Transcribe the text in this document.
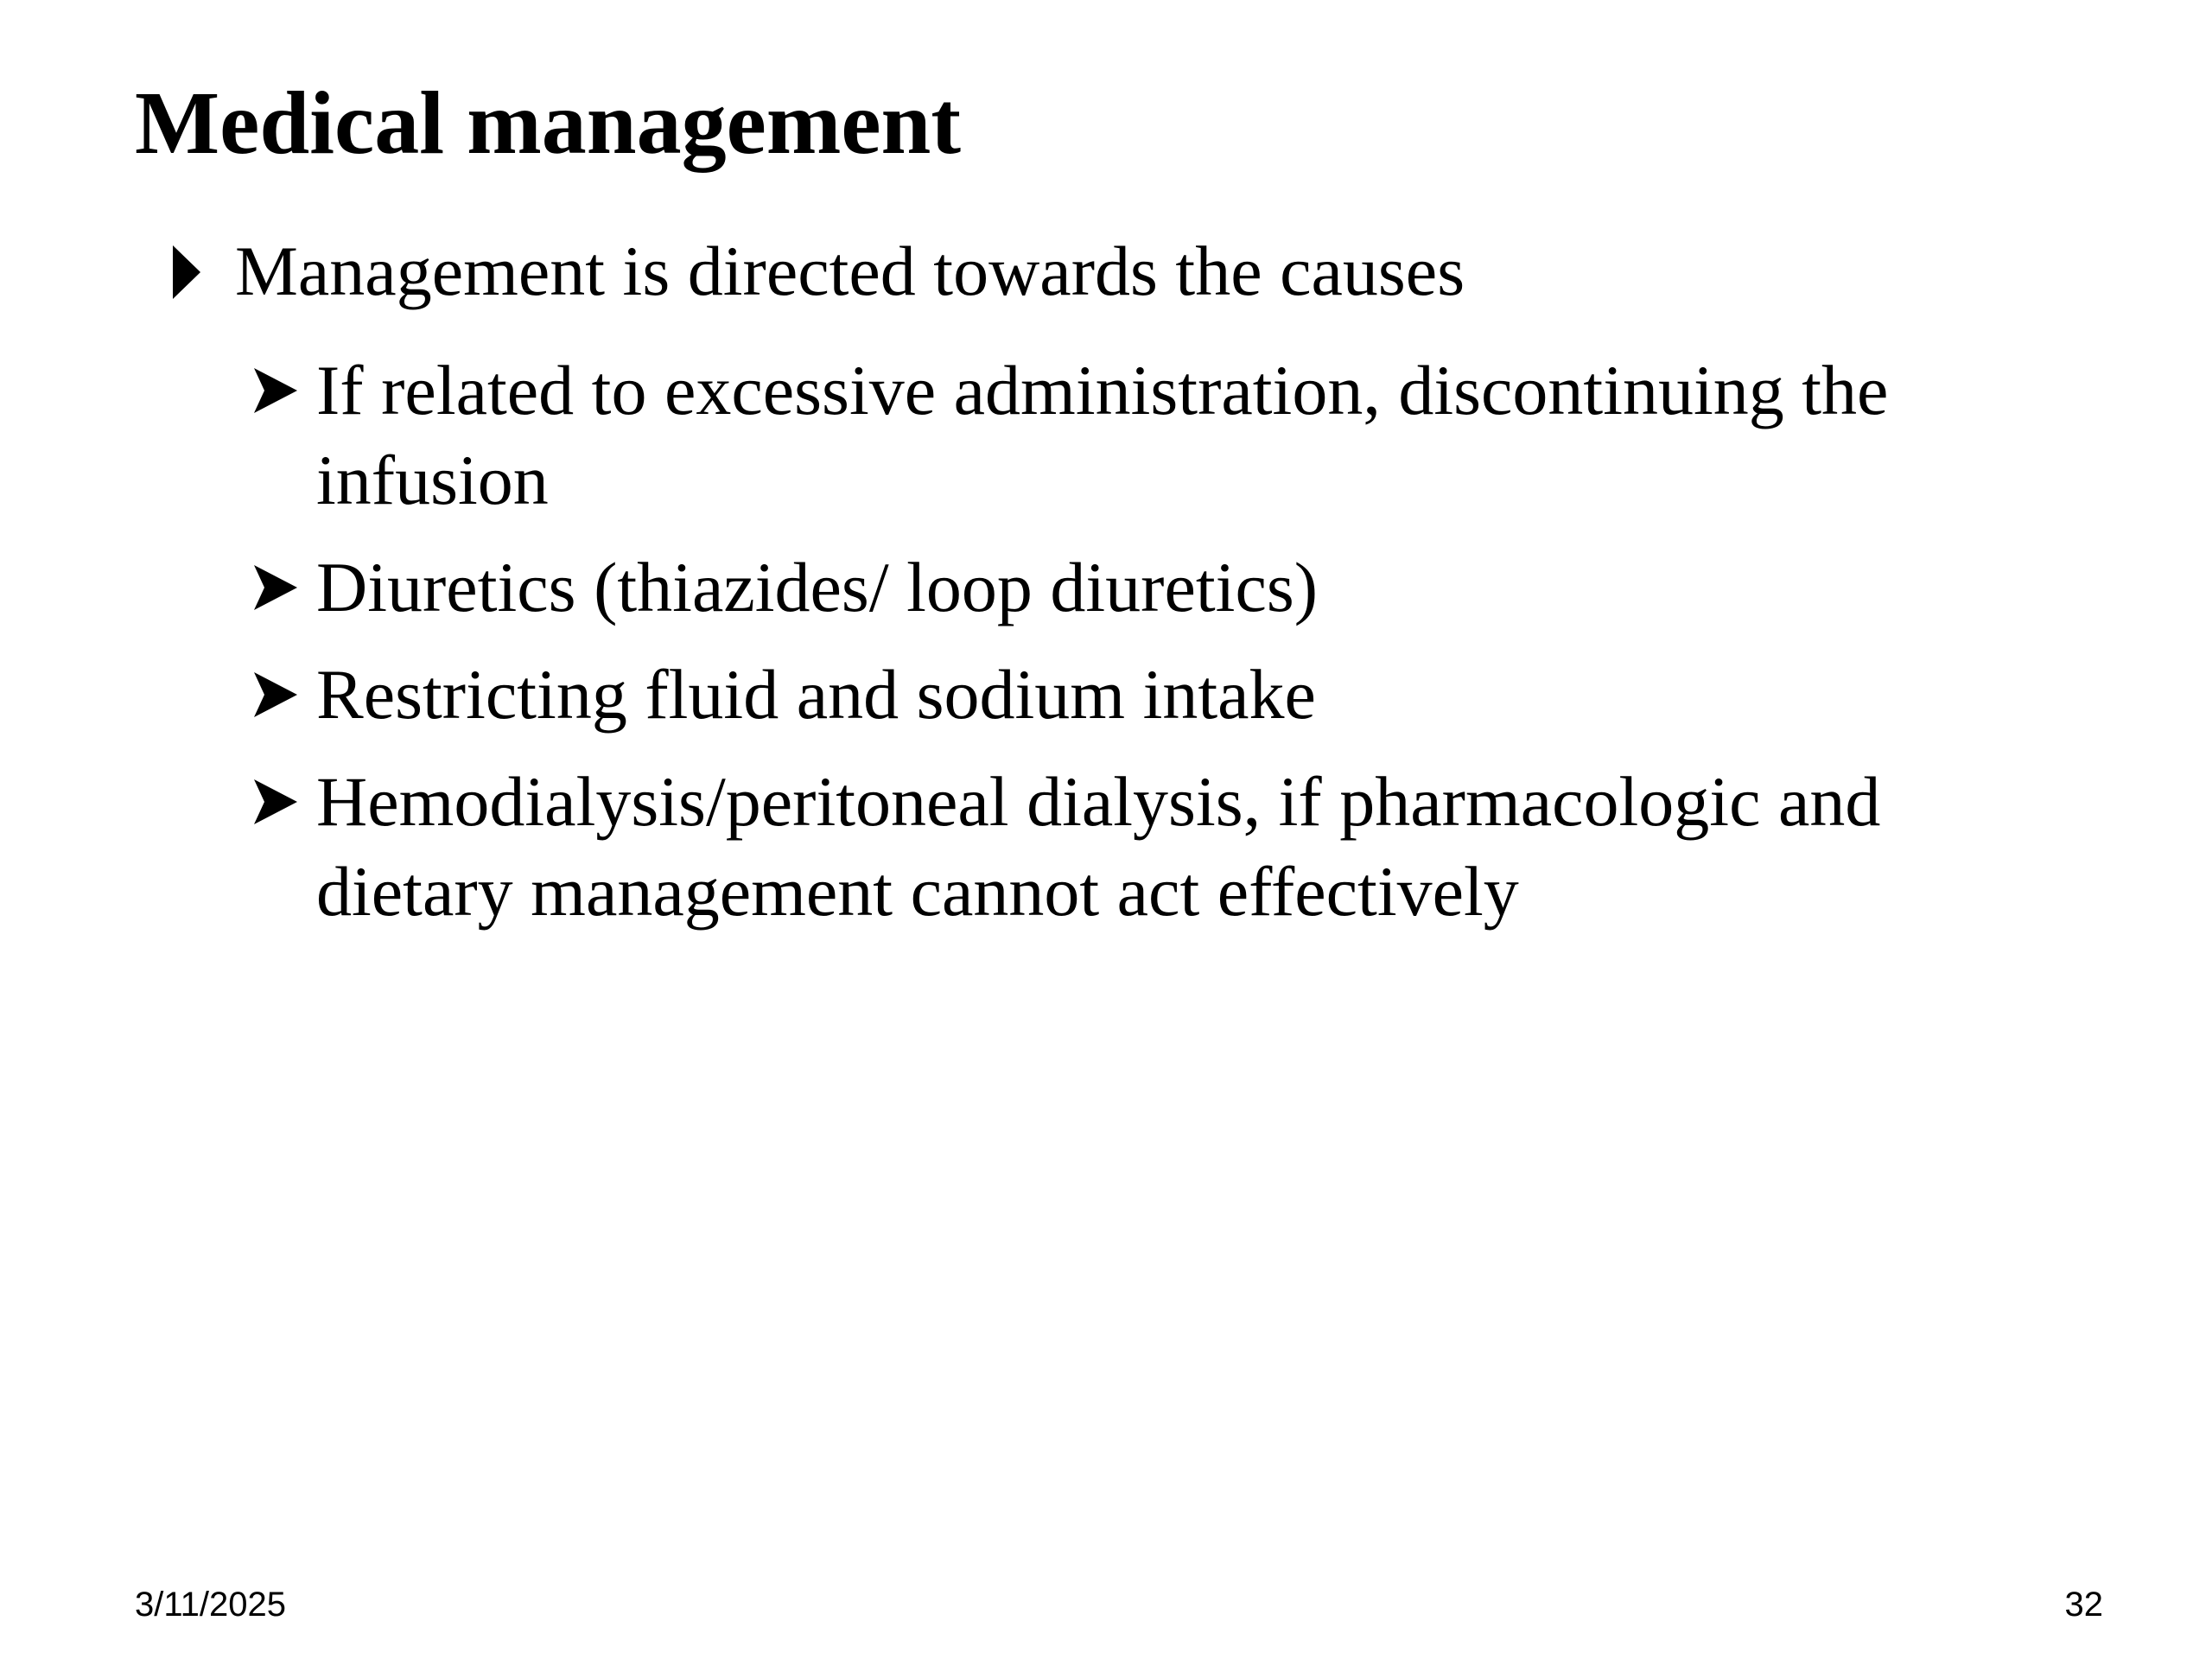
Medical management
Management is directed towards the causes
If related to excessive administration, discontinuing the infusion
Diuretics (thiazides/ loop diuretics)
Restricting fluid and sodium intake
Hemodialysis/peritoneal dialysis, if pharmacologic and dietary management cannot act effectively
3/11/2025	32
